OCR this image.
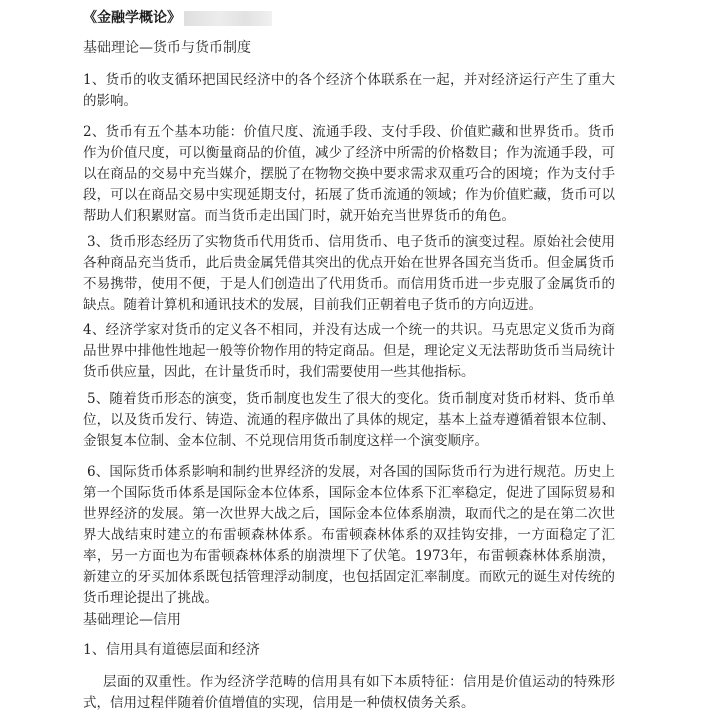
《金融学概论》
基础理论—货币与货币制度

1、货币的收支循环把国民经济中的各个经济个体联系在一起，并对经济运行产生了重大的影响。

2、货币有五个基本功能：价值尺度、流通手段、支付手段、价值贮藏和世界货币。货币作为价值尺度，可以衡量商品的价值，减少了经济中所需的价格数目；作为流通手段，可以在商品的交易中充当媒介，摆脱了在物物交换中要求需求双重巧合的困境；作为支付手段，可以在商品交易中实现延期支付，拓展了货币流通的领域；作为价值贮藏，货币可以帮助人们积累财富。而当货币走出国门时，就开始充当世界货币的角色。

3、货币形态经历了实物货币代用货币、信用货币、电子货币的演变过程。原始社会使用各种商品充当货币，此后贵金属凭借其突出的优点开始在世界各国充当货币。但金属货币不易携带，使用不便，于是人们创造出了代用货币。而信用货币进一步克服了金属货币的缺点。随着计算机和通讯技术的发展，目前我们正朝着电子货币的方向迈进。

4、经济学家对货币的定义各不相同，并没有达成一个统一的共识。马克思定义货币为商品世界中排他性地起一般等价物作用的特定商品。但是，理论定义无法帮助货币当局统计货币供应量，因此，在计量货币时，我们需要使用一些其他指标。

5、随着货币形态的演变，货币制度也发生了很大的变化。货币制度对货币材料、货币单位，以及货币发行、铸造、流通的程序做出了具体的规定，基本上益寿遵循着银本位制、金银复本位制、金本位制、不兑现信用货币制度这样一个演变顺序。

6、国际货币体系影响和制约世界经济的发展，对各国的国际货币行为进行规范。历史上第一个国际货币体系是国际金本位体系，国际金本位体系下汇率稳定，促进了国际贸易和世界经济的发展。第一次世界大战之后，国际金本位体系崩溃，取而代之的是在第二次世界大战结束时建立的布雷顿森林体系。布雷顿森林体系的双挂钩安排，一方面稳定了汇率，另一方面也为布雷顿森林体系的崩溃埋下了伏笔。1973年，布雷顿森林体系崩溃，新建立的牙买加体系既包括管理浮动制度，也包括固定汇率制度。而欧元的诞生对传统的货币理论提出了挑战。

基础理论—信用
1、信用具有道德层面和经济

层面的双重性。作为经济学范畴的信用具有如下本质特征：信用是价值运动的特殊形式，信用过程伴随着价值增值的实现，信用是一种债权债务关系。
